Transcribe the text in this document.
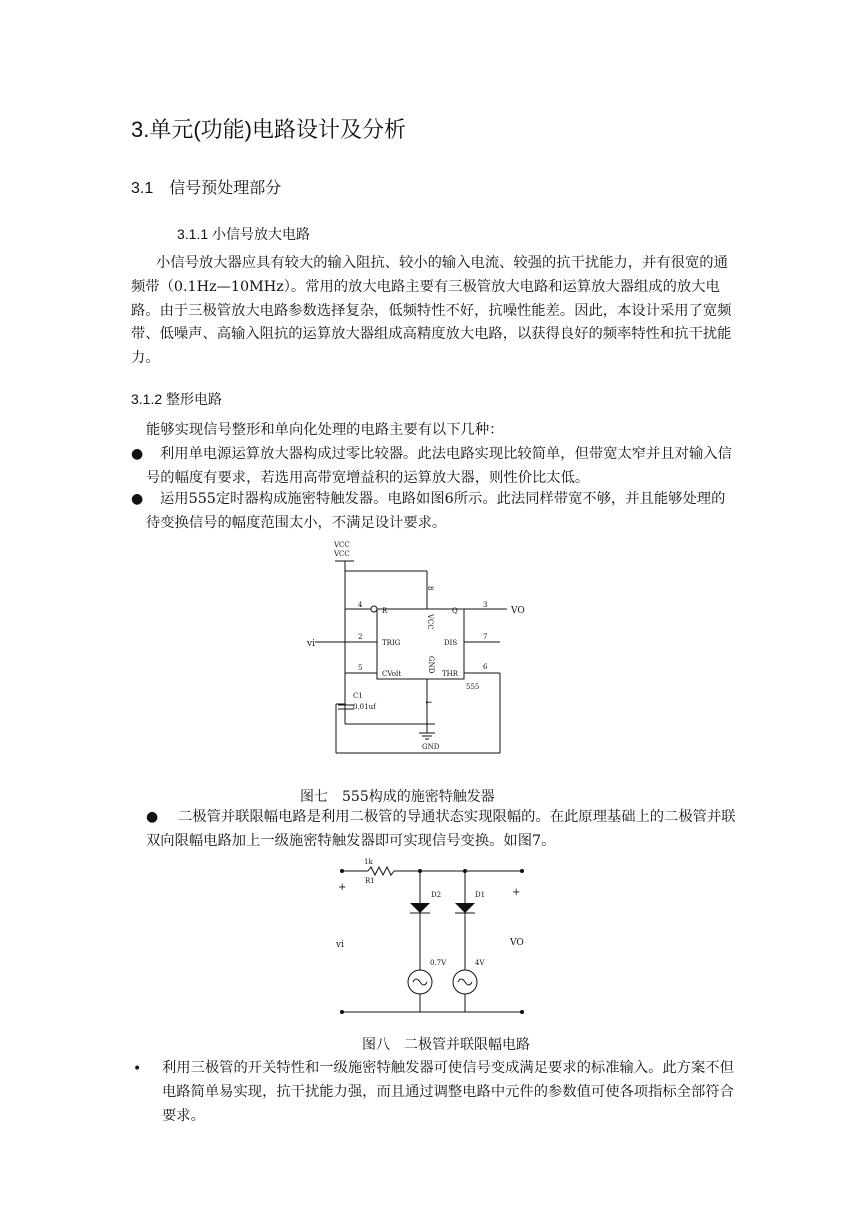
3.单元(功能)电路设计及分析
3.1　信号预处理部分
3.1.1 小信号放大电路
小信号放大器应具有较大的输入阻抗、较小的输入电流、较强的抗干扰能力，并有很宽的通频带（0.1Hz—10MHz）。常用的放大电路主要有三极管放大电路和运算放大器组成的放大电路。由于三极管放大电路参数选择复杂，低频特性不好，抗噪性能差。因此，本设计采用了宽频带、低噪声、高输入阻抗的运算放大器组成高精度放大电路，以获得良好的频率特性和抗干扰能力。
3.1.2 整形电路
能够实现信号整形和单向化处理的电路主要有以下几种：
●	利用单电源运算放大器构成过零比较器。此法电路实现比较简单，但带宽太窄并且对输入信号的幅度有要求，若选用高带宽增益积的运算放大器，则性价比太低。
●	运用555定时器构成施密特触发器。电路如图6所示。此法同样带宽不够，并且能够处理的待变换信号的幅度范围太小，不满足设计要求。
VCC
VCC
4
8
2
5
3
7
6
1
R	Q
VCC
TRIG	DIS
CVolt
GND
THR
555
C1
0.01uf
GND
vi
VO
图七　555构成的施密特触发器
●	二极管并联限幅电路是利用二极管的导通状态实现限幅的。在此原理基础上的二极管并联双向限幅电路加上一级施密特触发器即可实现信号变换。如图7。
1k
R1
D2	D1
0.7V	4V
+	+
vi	VO
图八　二极管并联限幅电路
• 利用三极管的开关特性和一级施密特触发器可使信号变成满足要求的标准输入。此方案不但电路简单易实现，抗干扰能力强，而且通过调整电路中元件的参数值可使各项指标全部符合要求。
